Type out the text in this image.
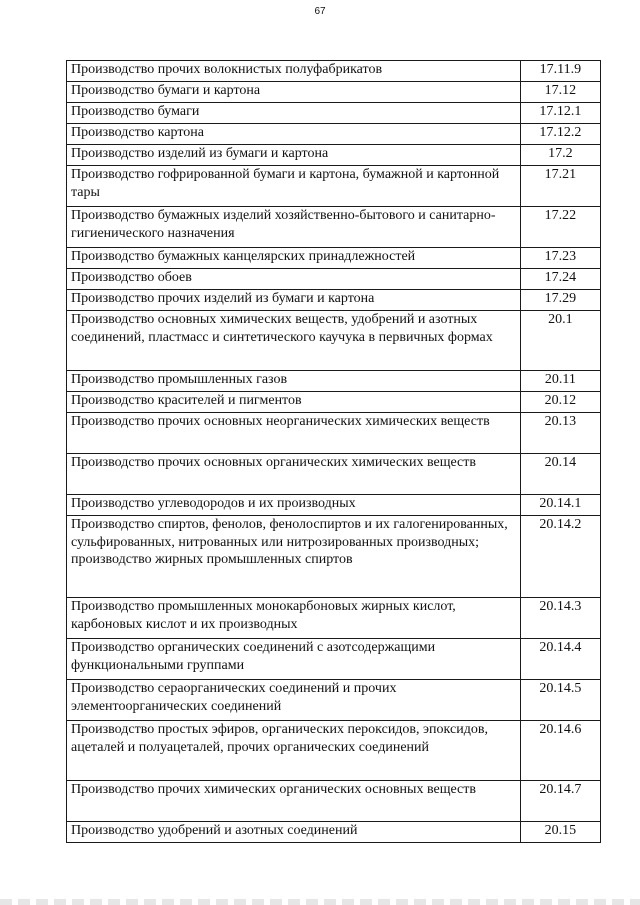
67
Производство прочих волокнистых полуфабрикатов	17.11.9
Производство бумаги и картона	17.12
Производство бумаги	17.12.1
Производство картона	17.12.2
Производство изделий из бумаги и картона	17.2
Производство гофрированной бумаги и картона, бумажной и картонной тары	17.21
Производство бумажных изделий хозяйственно-бытового и санитарно-гигиенического назначения	17.22
Производство бумажных канцелярских принадлежностей	17.23
Производство обоев	17.24
Производство прочих изделий из бумаги и картона	17.29
Производство основных химических веществ, удобрений и азотных соединений, пластмасс и синтетического каучука в первичных формах	20.1
Производство промышленных газов	20.11
Производство красителей и пигментов	20.12
Производство прочих основных неорганических химических веществ	20.13
Производство прочих основных органических химических веществ	20.14
Производство углеводородов и их производных	20.14.1
Производство спиртов, фенолов, фенолоспиртов и их галогенированных, сульфированных, нитрованных или нитрозированных производных; производство жирных промышленных спиртов	20.14.2
Производство промышленных монокарбоновых жирных кислот, карбоновых кислот и их производных	20.14.3
Производство органических соединений с азотсодержащими функциональными группами	20.14.4
Производство сераорганических соединений и прочих элементоорганических соединений	20.14.5
Производство простых эфиров, органических пероксидов, эпоксидов, ацеталей и полуацеталей, прочих органических соединений	20.14.6
Производство прочих химических органических основных веществ	20.14.7
Производство удобрений и азотных соединений	20.15
